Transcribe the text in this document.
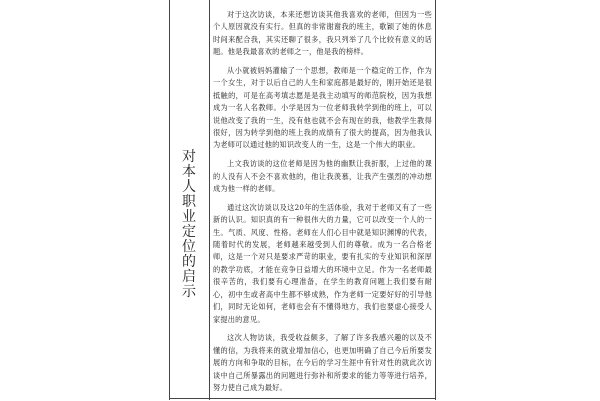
对本人职业定位的启示

对于这次访谈，本来还想访谈其他我喜欢的老师，但因为一些个人原因就没有实行。但真的非常谢谢我的班主，歌颖了她的休息时间来配合我，其实还聊了很多，我只列举了几个比较有意义的话题。他是我最喜欢的老师之一，他是我的榜样。

从小就被妈妈灌输了一个思想，教师是一个稳定的工作，作为一个女生，对于以后自己的人生和家庭都是最好的，刚开始还是很抵触的，可是在高考填志愿是是我主动填写的师范院校，因为我想成为一名人名教师。小学是因为一位老师我转学到他的班上，可以说他改变了我的一生，没有他也就不会有现在的我，他教学生教得很好，因为转学到他的班上我的成绩有了很大的提高，因为他我认为老师可以通过他的知识改变人的一生，这是一个伟大的职业。

上文我访谈的这位老师是因为他的幽默让我折服，上过他的课的人没有人不会不喜欢他的，他让我羡慕，让我产生强烈的冲动想成为他一样的老师。

通过这次访谈以及这20年的生活体验，我对于老师又有了一些新的认识。知识真的有一种很伟大的力量，它可以改变一个人的一生。气质、风度、性格。老师在人们心目中就是知识渊博的代表，随着时代的发展，老师越来越受到人们的尊敬。成为一名合格老师，这是一个对只是要求严苛的职业，要有扎实的专业知识和深厚的教学功底，才能在竞争日益增大的环境中立足。作为一名老师最很辛苦的，我们要有心理准备，在学生的教育问题上我们要有耐心，初中生或者高中生都不够成熟，作为老师一定要好好的引导他们，同时无论如何，老师也会有不懂得地方，我们也要虚心接受人家提出的意见。

这次人物访谈，我受收益颇多，了解了许多我感兴趣的以及不懂的信，为我将来的就业增加信心，也更加明确了自己今后所要发展的方向和争取的目标，在今后的学习生涯中有针对性的就此次访谈中自己所暴露出的问题进行弥补和所要求的能力等等进行培养，努力使自己成为最好。
